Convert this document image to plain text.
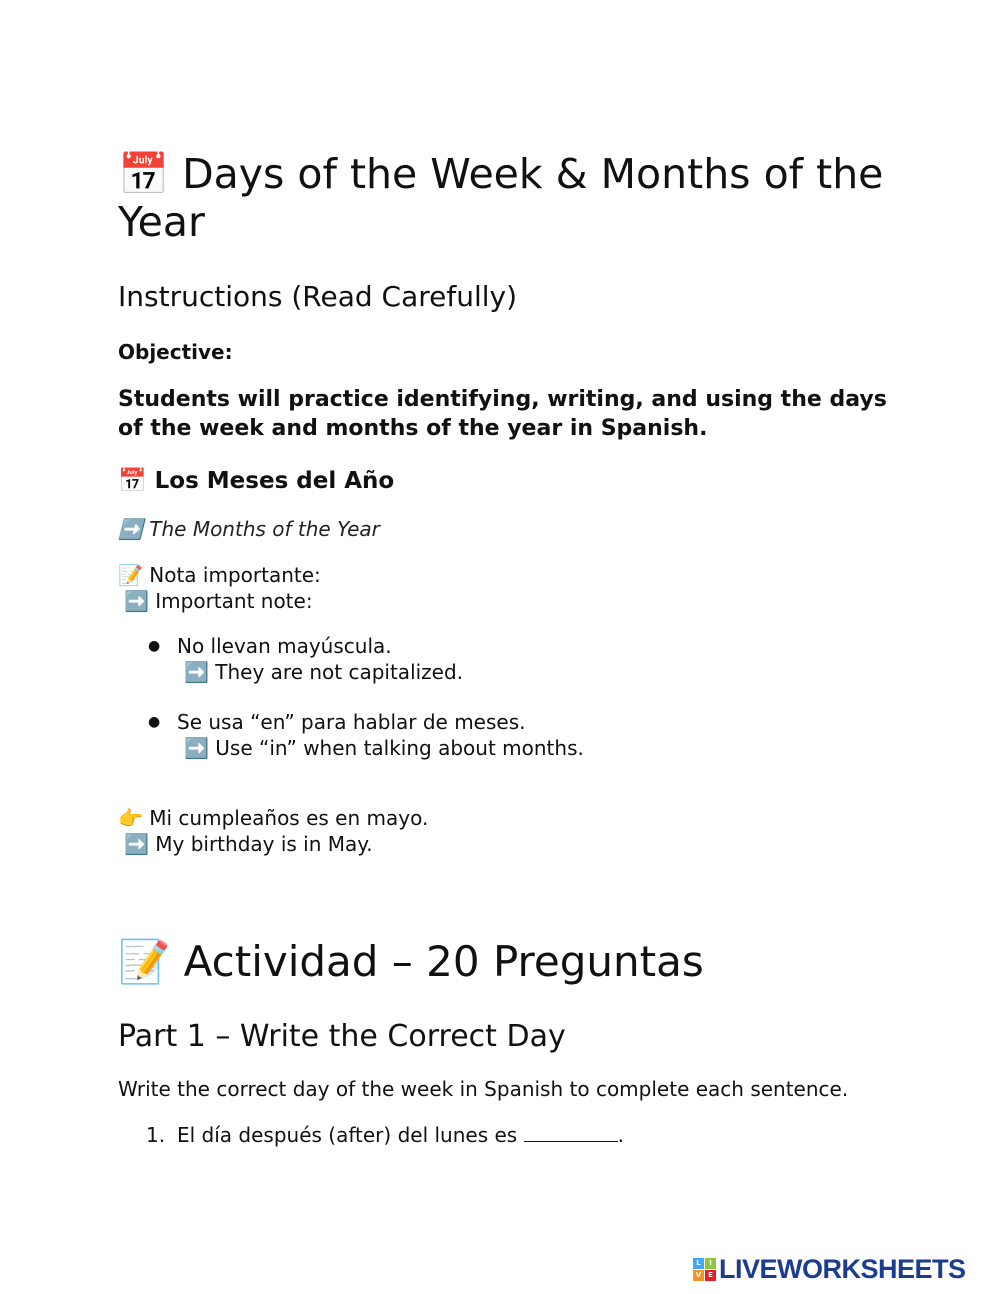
📅 Days of the Week & Months of the Year
Instructions (Read Carefully)

Objective:

Students will practice identifying, writing, and using the days of the week and months of the year in Spanish.

📅 Los Meses del Año

➡️ The Months of the Year

📝 Nota importante:

➡️ Important note:

● No llevan mayúscula.

➡️ They are not capitalized.

● Se usa “en” para hablar de meses.

➡️ Use “in” when talking about months.

👉 Mi cumpleaños es en mayo.

➡️ My birthday is in May.

📝 Actividad – 20 Preguntas
Part 1 – Write the Correct Day

Write the correct day of the week in Spanish to complete each sentence.

1. El día después (after) del lunes es	.

L	I
V E LIVEWORKSHEETS
